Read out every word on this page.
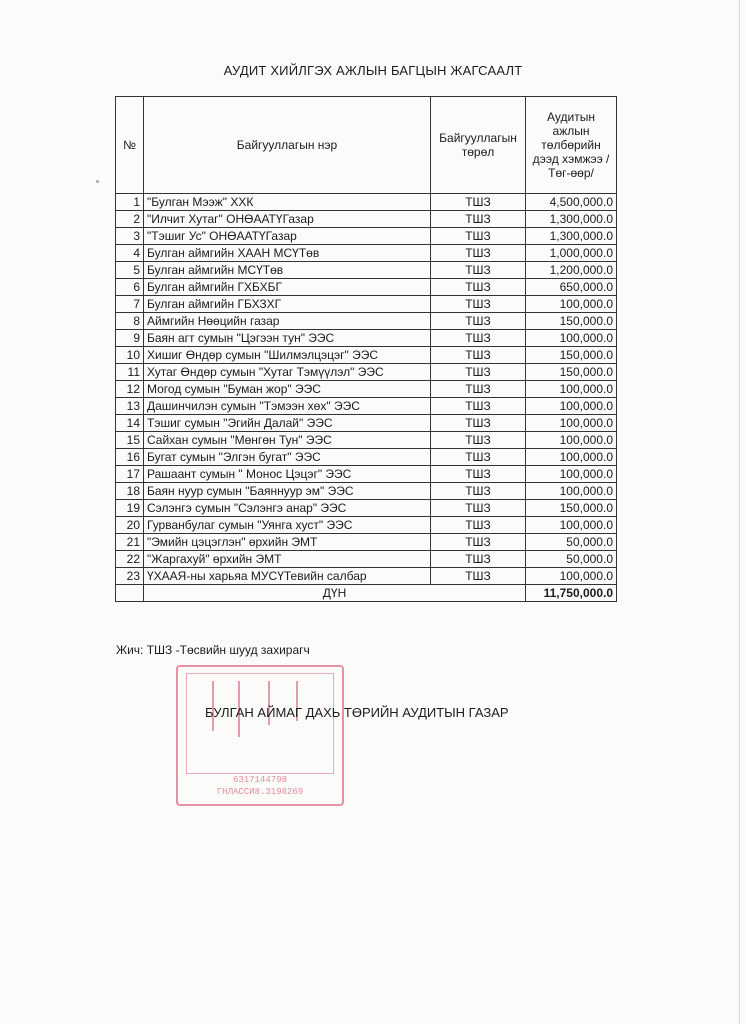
АУДИТ ХИЙЛГЭХ АЖЛЫН БАГЦЫН ЖАГСААЛТ
№	Байгууллагын нэр	Байгууллагын төрөл	Аудитын ажлын төлбөрийн дээд хэмжээ /Төг-өөр/
1	"Булган Мээж" ХХК	ТШЗ	4,500,000.0
2	"Илчит Хутаг" ОНӨААТҮГазар	ТШЗ	1,300,000.0
3	"Тэшиг Ус" ОНӨААТҮГазар	ТШЗ	1,300,000.0
4	Булган аймгийн ХААН МСҮТөв	ТШЗ	1,000,000.0
5	Булган аймгийн МСҮТөв	ТШЗ	1,200,000.0
6	Булган аймгийн ГХБХБГ	ТШЗ	650,000.0
7	Булган аймгийн ГБХЗХГ	ТШЗ	100,000.0
8	Аймгийн Нөөцийн газар	ТШЗ	150,000.0
9	Баян агт сумын "Цэгээн тун" ЭЭС	ТШЗ	100,000.0
10	Хишиг Өндөр сумын "Шилмэлцэцэг" ЭЭС	ТШЗ	150,000.0
11	Хутаг Өндөр сумын "Хутаг Тэмүүлэл" ЭЭС	ТШЗ	150,000.0
12	Могод сумын "Буман жор" ЭЭС	ТШЗ	100,000.0
13	Дашинчилэн сумын "Тэмээн хөх" ЭЭС	ТШЗ	100,000.0
14	Тэшиг сумын "Эгийн Далай" ЭЭС	ТШЗ	100,000.0
15	Сайхан сумын "Мөнгөн Тун" ЭЭС	ТШЗ	100,000.0
16	Бугат сумын "Элгэн бугат" ЭЭС	ТШЗ	100,000.0
17	Рашаант сумын " Монос Цэцэг" ЭЭС	ТШЗ	100,000.0
18	Баян нуур сумын "Баяннуур эм" ЭЭС	ТШЗ	100,000.0
19	Сэлэнгэ сумын "Сэлэнгэ анар" ЭЭС	ТШЗ	150,000.0
20	Гурванбулаг сумын "Уянга хуст" ЭЭС	ТШЗ	100,000.0
21	"Эмийн цэцэглэн" өрхийн ЭМТ	ТШЗ	50,000.0
22	"Жаргахуй" өрхийн ЭМТ	ТШЗ	50,000.0
23	ҮХААЯ-ны харьяа МУСҮТевийн салбар	ТШЗ	100,000.0
	ДҮН		11,750,000.0
Жич: ТШЗ -Төсвийн шууд захирагч
6317144798
ГНЛАССИ8.3198269
БУЛГАН АЙМАГ ДАХЬ ТӨРИЙН АУДИТЫН ГАЗАР
